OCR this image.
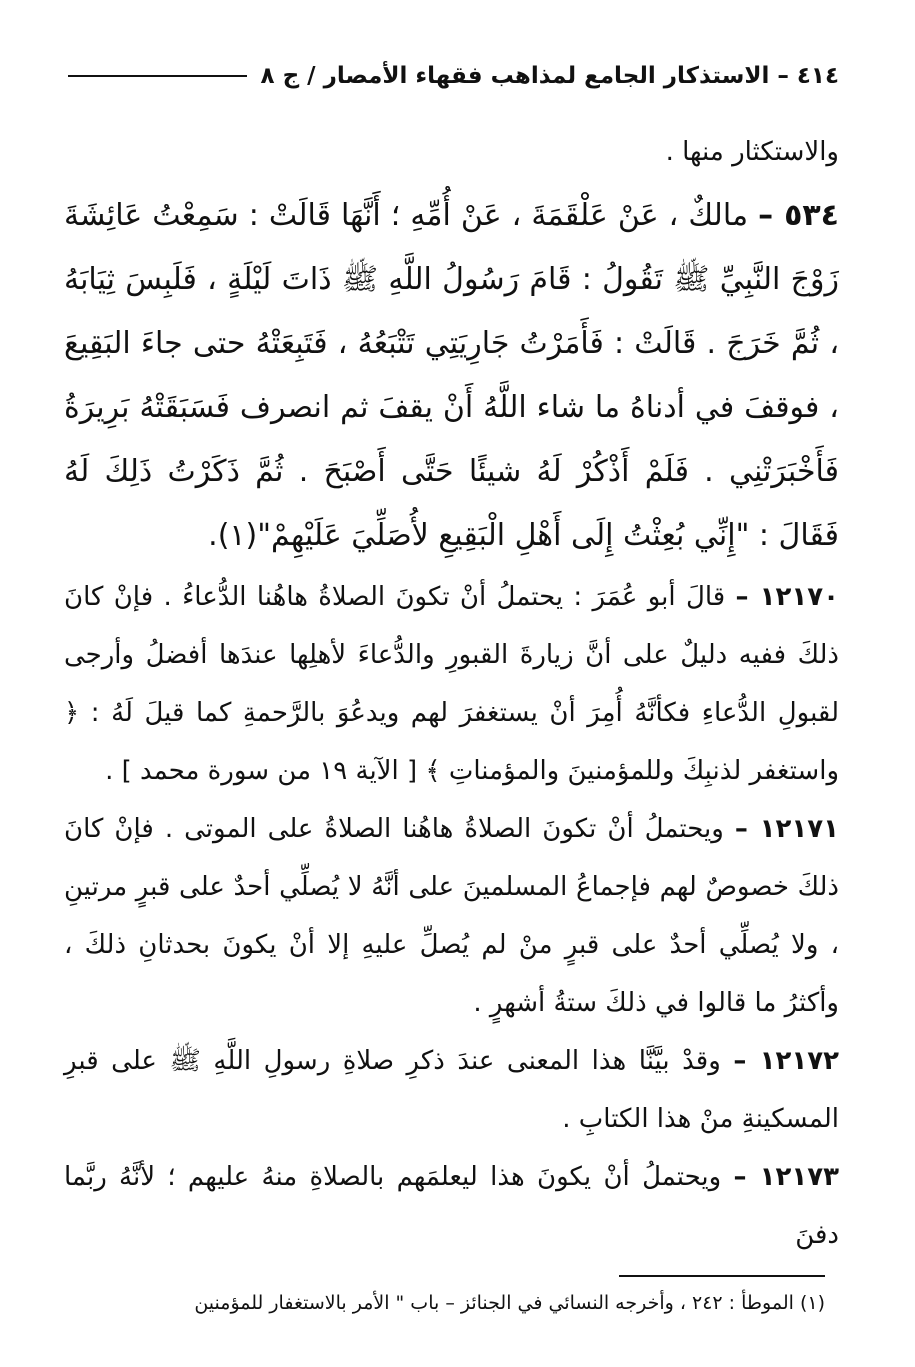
٤١٤ – الاستذكار الجامع لمذاهب فقهاء الأمصار / ج ٨

والاستكثار منها .

٥٣٤ – مالكٌ ، عَنْ عَلْقَمَةَ ، عَنْ أُمِّهِ ؛ أَنَّهَا قَالَتْ : سَمِعْتُ عَائِشَةَ زَوْجَ النَّبِيِّ ﷺ تَقُولُ : قَامَ رَسُولُ اللَّهِ ﷺ ذَاتَ لَيْلَةٍ ، فَلَبِسَ ثِيَابَهُ ، ثُمَّ خَرَجَ . قَالَتْ : فَأَمَرْتُ جَارِيَتِي تَتْبَعُهُ ، فَتَبِعَتْهُ حتى جاءَ البَقِيعَ ، فوقفَ في أدناهُ ما شاء اللَّهُ أَنْ يقفَ ثم انصرف فَسَبَقَتْهُ بَرِيرَةُ فَأَخْبَرَتْنِي . فَلَمْ أَذْكُرْ لَهُ شيئًا حَتَّى أَصْبَحَ . ثُمَّ ذَكَرْتُ ذَلِكَ لَهُ فَقَالَ : "إِنِّي بُعِثْتُ إِلَى أَهْلِ الْبَقِيعِ لأُصَلِّيَ عَلَيْهِمْ"(١).

١٢١٧٠ – قالَ أبو عُمَرَ : يحتملُ أنْ تكونَ الصلاةُ هاهُنا الدُّعاءُ . فإنْ كانَ ذلكَ ففيه دليلٌ على أنَّ زيارةَ القبورِ والدُّعاءَ لأهلِها عندَها أفضلُ وأرجى لقبولِ الدُّعاءِ فكأنَّهُ أُمِرَ أنْ يستغفرَ لهم ويدعُوَ بالرَّحمةِ كما قيلَ لَهُ : ﴿ واستغفر لذنبِكَ وللمؤمنينَ والمؤمناتِ ﴾ [ الآية ١٩ من سورة محمد ] .

١٢١٧١ – ويحتملُ أنْ تكونَ الصلاةُ هاهُنا الصلاةُ على الموتى . فإنْ كانَ ذلكَ خصوصٌ لهم فإجماعُ المسلمينَ على أنَّهُ لا يُصلِّي أحدٌ على قبرٍ مرتينِ ، ولا يُصلِّي أحدٌ على قبرٍ منْ لم يُصلِّ عليهِ إلا أنْ يكونَ بحدثانِ ذلكَ ، وأكثرُ ما قالوا في ذلكَ ستةُ أشهرٍ .

١٢١٧٢ – وقدْ بيَّنَّا هذا المعنى عندَ ذكرِ صلاةِ رسولِ اللَّهِ ﷺ على قبرِ المسكينةِ منْ هذا الكتابِ .

١٢١٧٣ – ويحتملُ أنْ يكونَ هذا ليعلمَهم بالصلاةِ منهُ عليهم ؛ لأنَّهُ ربَّما دفنَ

(١) الموطأ : ٢٤٢ ، وأخرجه النسائي في الجنائز – باب " الأمر بالاستغفار للمؤمنين
